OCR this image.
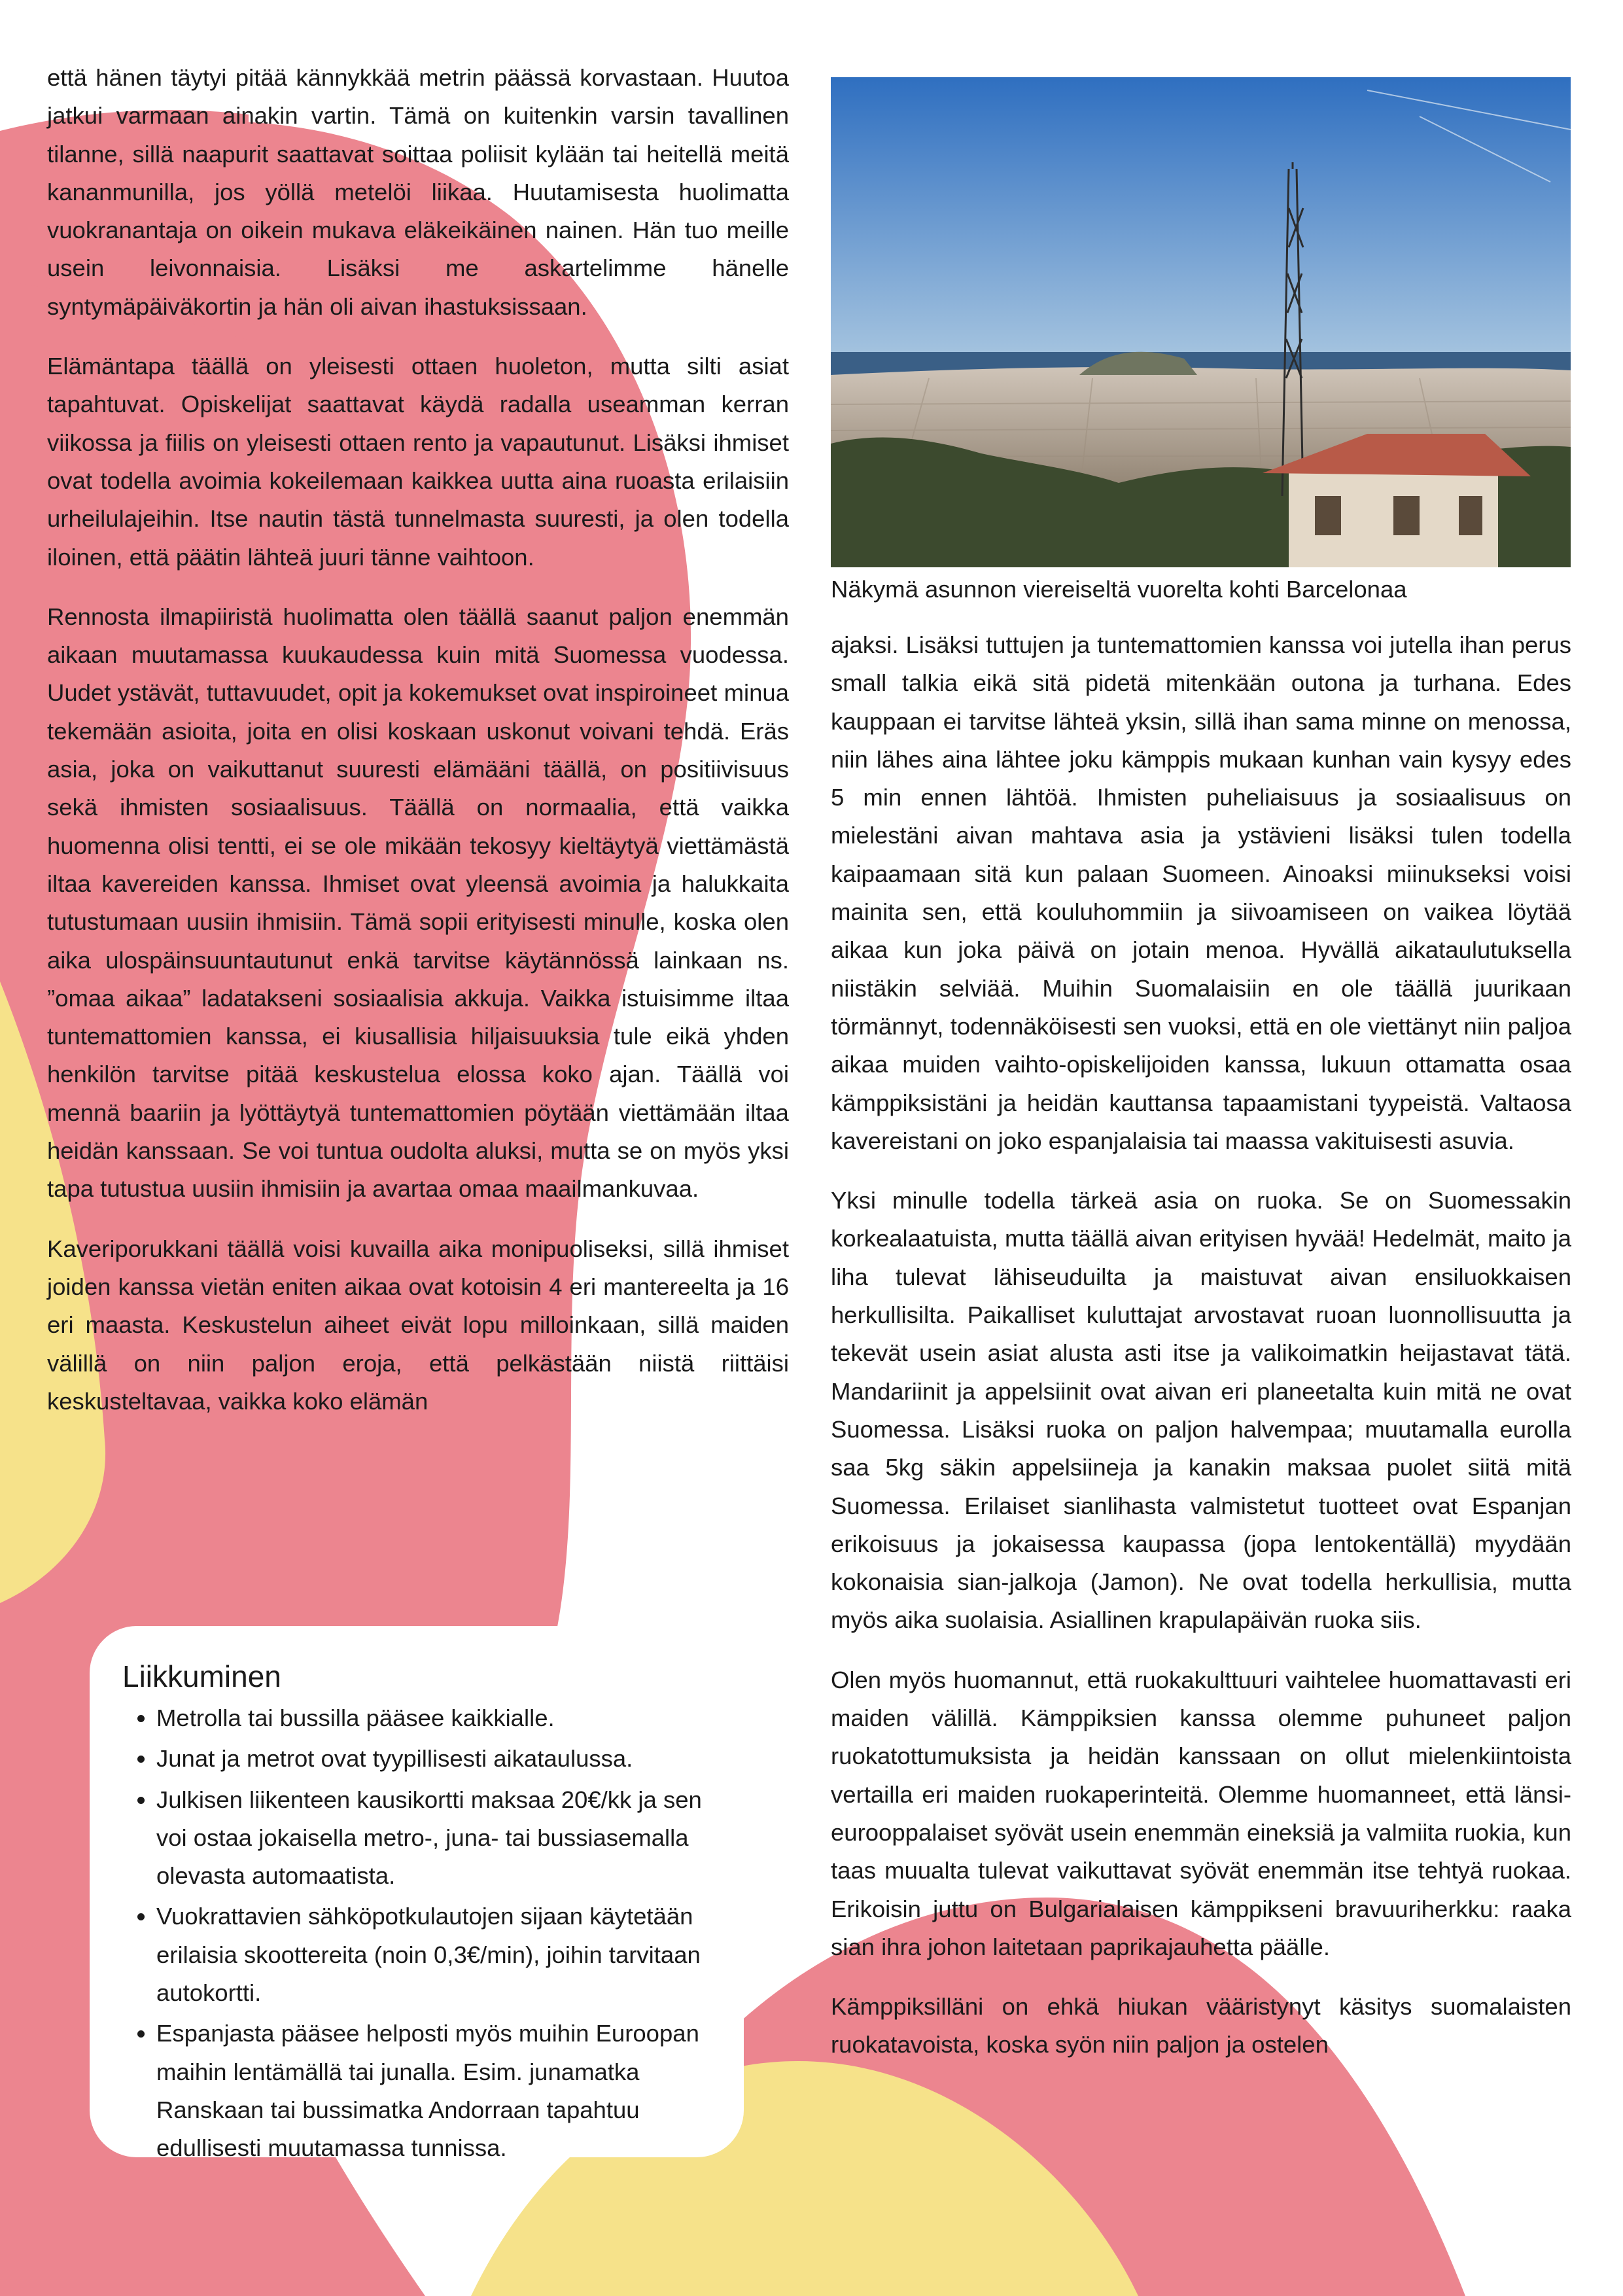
että hänen täytyi pitää kännykkää metrin päässä korvastaan. Huutoa jatkui varmaan ainakin vartin. Tämä on kuitenkin varsin tavallinen tilanne, sillä naapurit saattavat soittaa poliisit kylään tai heitellä meitä kananmunilla, jos yöllä metelöi liikaa. Huutamisesta huolimatta vuokranantaja on oikein mukava eläkeikäinen nainen. Hän tuo meille usein leivonnaisia. Lisäksi me askartelimme hänelle syntymäpäiväkortin ja hän oli aivan ihastuksissaan.

Elämäntapa täällä on yleisesti ottaen huoleton, mutta silti asiat tapahtuvat. Opiskelijat saattavat käydä radalla useamman kerran viikossa ja fiilis on yleisesti ottaen rento ja vapautunut. Lisäksi ihmiset ovat todella avoimia kokeilemaan kaikkea uutta aina ruoasta erilaisiin urheilulajeihin. Itse nautin tästä tunnelmasta suuresti, ja olen todella iloinen, että päätin lähteä juuri tänne vaihtoon.

Rennosta ilmapiiristä huolimatta olen täällä saanut paljon enemmän aikaan muutamassa kuukaudessa kuin mitä Suomessa vuodessa. Uudet ystävät, tuttavuudet, opit ja kokemukset ovat inspiroineet minua tekemään asioita, joita en olisi koskaan uskonut voivani tehdä. Eräs asia, joka on vaikuttanut suuresti elämääni täällä, on positiivisuus sekä ihmisten sosiaalisuus. Täällä on normaalia, että vaikka huomenna olisi tentti, ei se ole mikään tekosyy kieltäytyä viettämästä iltaa kavereiden kanssa. Ihmiset ovat yleensä avoimia ja halukkaita tutustumaan uusiin ihmisiin. Tämä sopii erityisesti minulle, koska olen aika ulospäinsuuntautunut enkä tarvitse käytännössä lainkaan ns. ”omaa aikaa” ladatakseni sosiaalisia akkuja. Vaikka istuisimme iltaa tuntemattomien kanssa, ei kiusallisia hiljaisuuksia tule eikä yhden henkilön tarvitse pitää keskustelua elossa koko ajan. Täällä voi mennä baariin ja lyöttäytyä tuntemattomien pöytään viettämään iltaa heidän kanssaan. Se voi tuntua oudolta aluksi, mutta se on myös yksi tapa tutustua uusiin ihmisiin ja avartaa omaa maailmankuvaa.

Kaveriporukkani täällä voisi kuvailla aika monipuoliseksi, sillä ihmiset joiden kanssa vietän eniten aikaa ovat kotoisin 4 eri mantereelta ja 16 eri maasta. Keskustelun aiheet eivät lopu milloinkaan, sillä maiden välillä on niin paljon eroja, että pelkästään niistä riittäisi keskusteltavaa, vaikka koko elämän

Näkymä asunnon viereiseltä vuorelta kohti Barcelonaa

ajaksi. Lisäksi tuttujen ja tuntemattomien kanssa voi jutella ihan perus small talkia eikä sitä pidetä mitenkään outona ja turhana. Edes kauppaan ei tarvitse lähteä yksin, sillä ihan sama minne on menossa, niin lähes aina lähtee joku kämppis mukaan kunhan vain kysyy edes 5 min ennen lähtöä. Ihmisten puheliaisuus ja sosiaalisuus on mielestäni aivan mahtava asia ja ystävieni lisäksi tulen todella kaipaamaan sitä kun palaan Suomeen. Ainoaksi miinukseksi voisi mainita sen, että kouluhommiin ja siivoamiseen on vaikea löytää aikaa kun joka päivä on jotain menoa. Hyvällä aikataulutuksella niistäkin selviää. Muihin Suomalaisiin en ole täällä juurikaan törmännyt, todennäköisesti sen vuoksi, että en ole viettänyt niin paljoa aikaa muiden vaihto-opiskelijoiden kanssa, lukuun ottamatta osaa kämppiksistäni ja heidän kauttansa tapaamistani tyypeistä. Valtaosa kavereistani on joko espanjalaisia tai maassa vakituisesti asuvia.

Yksi minulle todella tärkeä asia on ruoka. Se on Suomessakin korkealaatuista, mutta täällä aivan erityisen hyvää! Hedelmät, maito ja liha tulevat lähiseuduilta ja maistuvat aivan ensiluokkaisen herkullisilta. Paikalliset kuluttajat arvostavat ruoan luonnollisuutta ja tekevät usein asiat alusta asti itse ja valikoimatkin heijastavat tätä. Mandariinit ja appelsiinit ovat aivan eri planeetalta kuin mitä ne ovat Suomessa. Lisäksi ruoka on paljon halvempaa; muutamalla eurolla saa 5kg säkin appelsiineja ja kanakin maksaa puolet siitä mitä Suomessa. Erilaiset sianlihasta valmistetut tuotteet ovat Espanjan erikoisuus ja jokaisessa kaupassa (jopa lentokentällä) myydään kokonaisia sian-jalkoja (Jamon). Ne ovat todella herkullisia, mutta myös aika suolaisia. Asiallinen krapulapäivän ruoka siis.

Olen myös huomannut, että ruokakulttuuri vaihtelee huomattavasti eri maiden välillä. Kämppiksien kanssa olemme puhuneet paljon ruokatottumuksista ja heidän kanssaan on ollut mielenkiintoista vertailla eri maiden ruokaperinteitä. Olemme huomanneet, että länsi-eurooppalaiset syövät usein enemmän eineksiä ja valmiita ruokia, kun taas muualta tulevat vaikuttavat syövät enemmän itse tehtyä ruokaa. Erikoisin juttu on Bulgarialaisen kämppikseni bravuuriherkku: raaka sian ihra johon laitetaan paprikajauhetta päälle.

Kämppiksilläni on ehkä hiukan vääristynyt käsitys suomalaisten ruokatavoista, koska syön niin paljon ja ostelen

Liikkuminen
• Metrolla tai bussilla pääsee kaikkialle.
• Junat ja metrot ovat tyypillisesti aikataulussa.
• Julkisen liikenteen kausikortti maksaa 20€/kk ja sen voi ostaa jokaisella metro-, juna- tai bussiasemalla olevasta automaatista.
• Vuokrattavien sähköpotkulautojen sijaan käytetään erilaisia skoottereita (noin 0,3€/min), joihin tarvitaan autokortti.
• Espanjasta pääsee helposti myös muihin Euroopan maihin lentämällä tai junalla. Esim. junamatka Ranskaan tai bussimatka Andorraan tapahtuu edullisesti muutamassa tunnissa.
